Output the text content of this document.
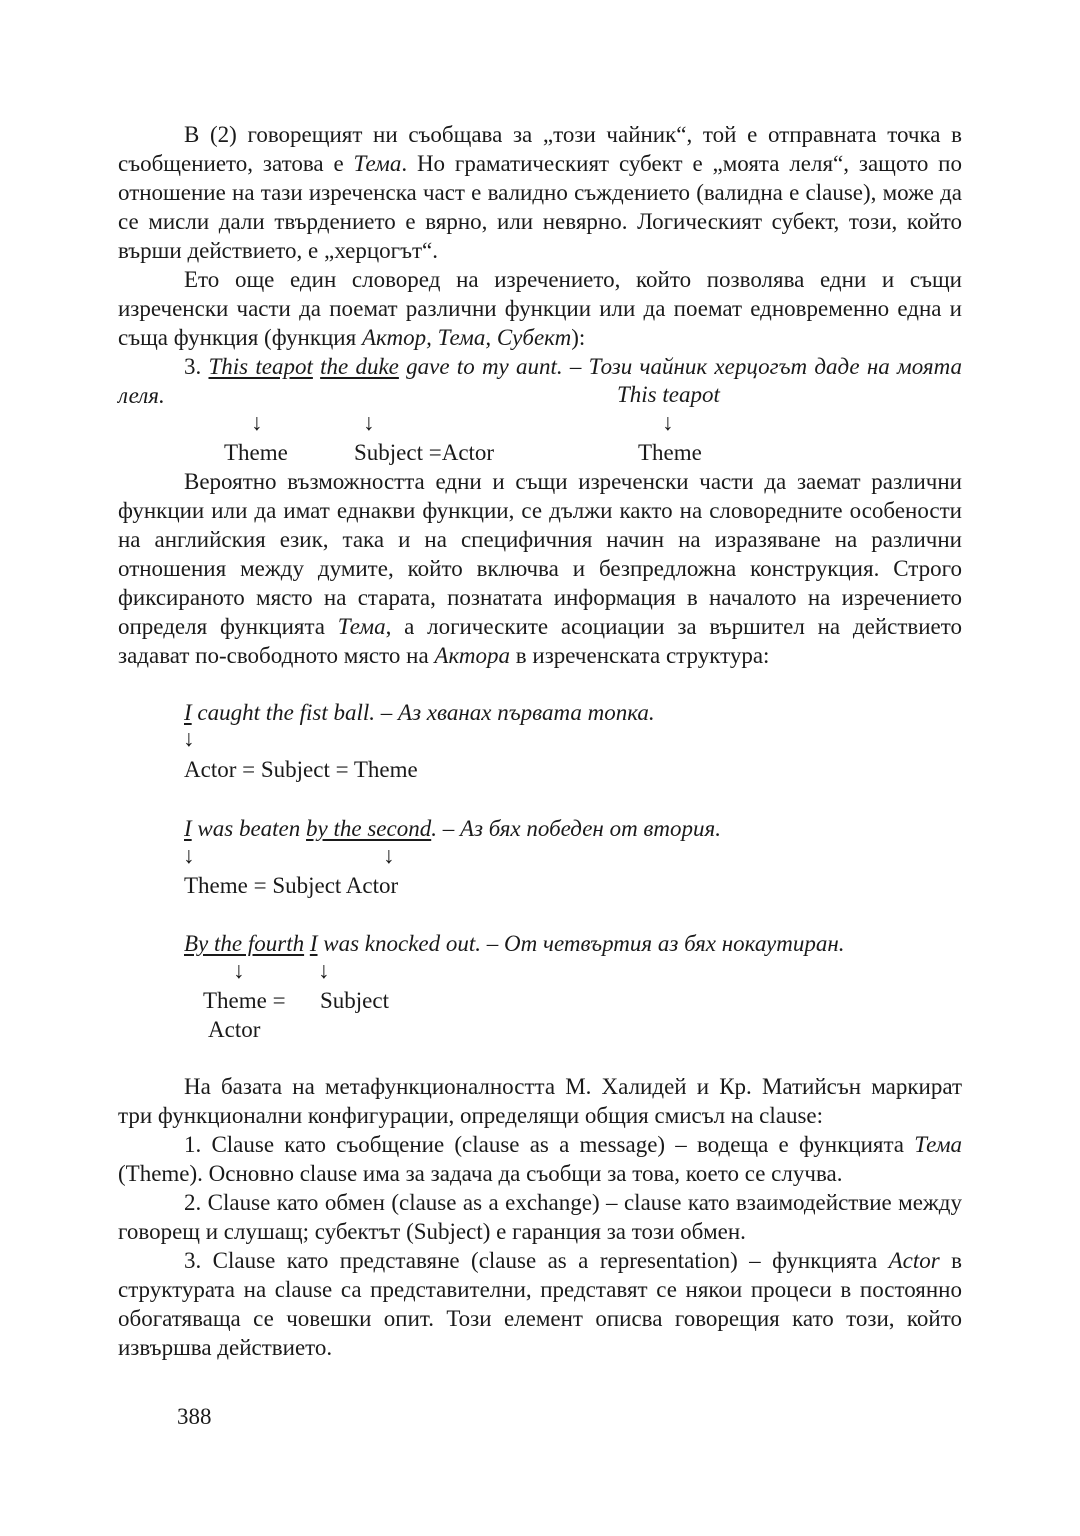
В (2) говорещият ни съобщава за „този чайник“, той е отправната точка в съобщението, затова е Тема. Но граматическият субект е „моята леля“, защото по отношение на тази изреченска част е валидно съждението (валидна е clause), може да се мисли дали твърдението е вярно, или невярно. Логическият субект, този, който върши действието, е „херцогът“.

Ето още един словоред на изречението, който позволява едни и същи изреченски части да поемат различни функции или да поемат едновременно една и съща функция (функция Актор, Тема, Субект):

3. This teapot the duke gave to my aunt. – Този чайник херцогът даде на моята леля.	This teapot
↓	↓	↓
Theme	Subject =Actor	Theme

Вероятно възможността едни и същи изреченски части да заемат различни функции или да имат еднакви функции, се дължи както на словоредните особености на английския език, така и на специфичния начин на изразяване на различни отношения между думите, който включва и безпредложна конструкция. Строго фиксираното място на старата, познатата информация в началото на изречението определя функцията Тема, а логическите асоциации за вършител на действието задават по-свободното място на Актора в изреченската структура:

I caught the fist ball. – Аз хванах първата топка.
↓
Actor = Subject = Theme
I was beaten by the second. – Аз бях победен от втория.
↓	↓
Theme = Subject Actor
By the fourth I was knocked out. – От четвъртия аз бях нокаутиран.
↓	↓
Theme = Subject
Actor

На базата на метафункционалността М. Халидей и Кр. Матийсън маркират три функционални конфигурации, определящи общия смисъл на clause:

1. Clause като съобщение (clause as a message) – водеща е функцията Тема (Theme). Основно clause има за задача да съобщи за това, което се случва.

2. Clause като обмен (clause as a exchange) – clause като взаимодействие между говорещ и слушащ; субектът (Subject) е гаранция за този обмен.

3. Clause като представяне (clause as a representation) – функцията Actor в структурата на clause са представителни, представят се някои процеси в постоянно обогатяваща се човешки опит. Този елемент описва говорещия като този, който извършва действието.

388
